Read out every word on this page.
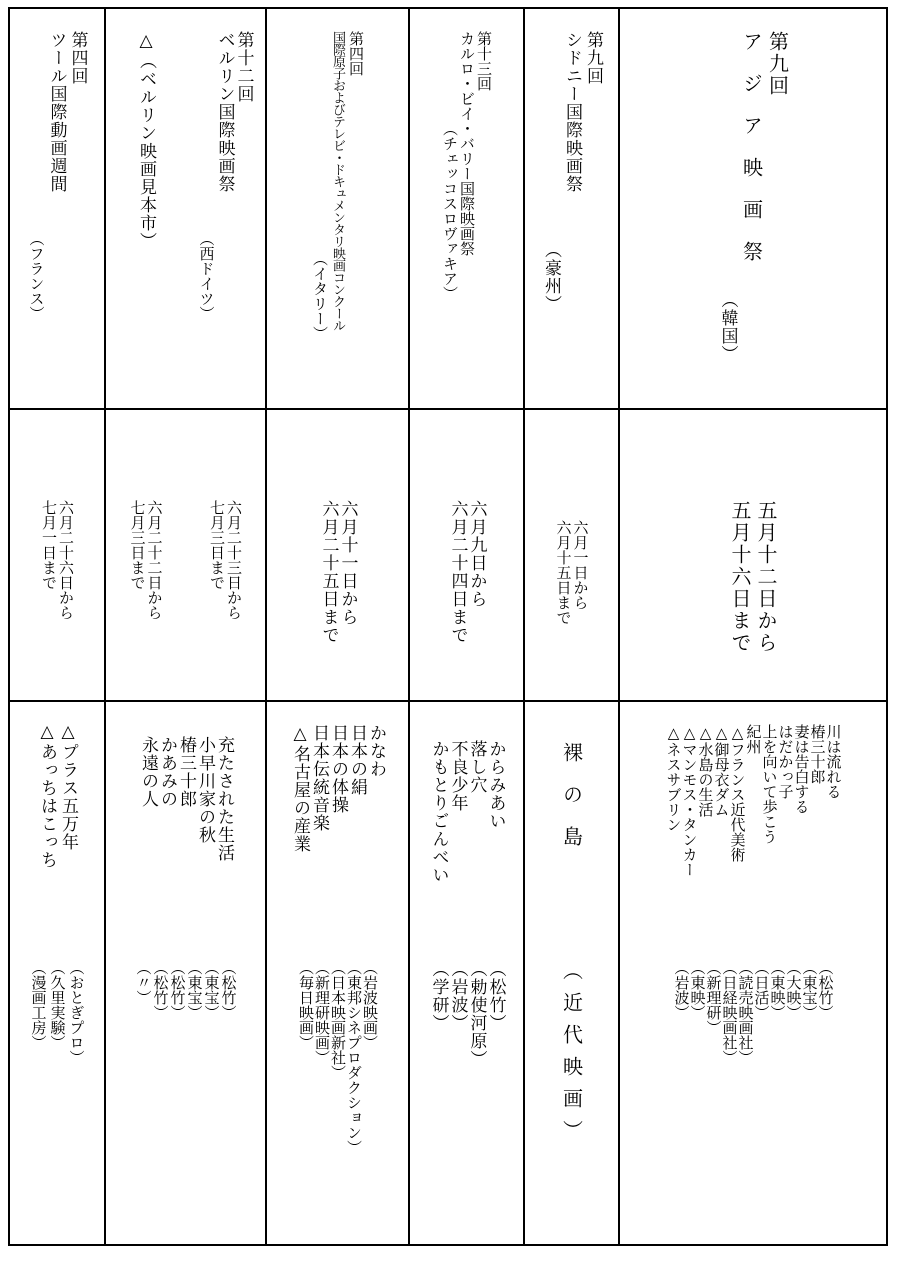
第九回
アジア映画祭
（韓国）
五月十二日から
五月十六日まで
川は流れる
椿三十郎
妻は告白する
はだかっ子
上を向いて歩こう
紀州
△フランス近代美術
△御母衣ダム
△水島の生活
△マンモス・タンカー
△ネスサブリン
（松竹）
（東宝）
（大映）
（東映）
（日活）
（読売映画社）
（日経映画社）
（新理研）
（東映）
（岩波）
第九回
シドニー国際映画祭
（豪州）
六月一日から
六月十五日まで
裸の島
（近代映画）
第十三回
カルロ・ビイ・バリー国際映画祭
（チェッコスロヴァキア）
六月九日から
六月二十四日まで
からみあい
落し穴
不良少年
かもとりごんべい
（松竹）
（勅使河原）
（岩波）
（学研）
第四回
国際原子およびテレビ・ドキュメンタリ映画コンクール
（イタリー）
六月十一日から
六月二十五日まで
かなわ
日本の絹
日本の体操
日本伝統音楽
△名古屋の産業
（岩波映画）
（東邦シネプロダクション）
（日本映画新社）
（新理研映画）
（毎日映画）
第十二回
ベルリン国際映画祭
（西ドイツ）
△（ベルリン映画見本市）
六月二十三日から
七月三日まで
六月二十二日から
七月三日まで
充たされた生活
小早川家の秋
椿三十郎
かあみの
永遠の人
（松竹）
（東宝）
（東宝）
（松竹）
（松竹）
（〃）
第四回
ツール国際動画週間
（フランス）
六月二十六日から
七月一日まで
△プラス五万年
△あっちはこっち
（おとぎプロ）
（久里実験）
（漫画工房）
